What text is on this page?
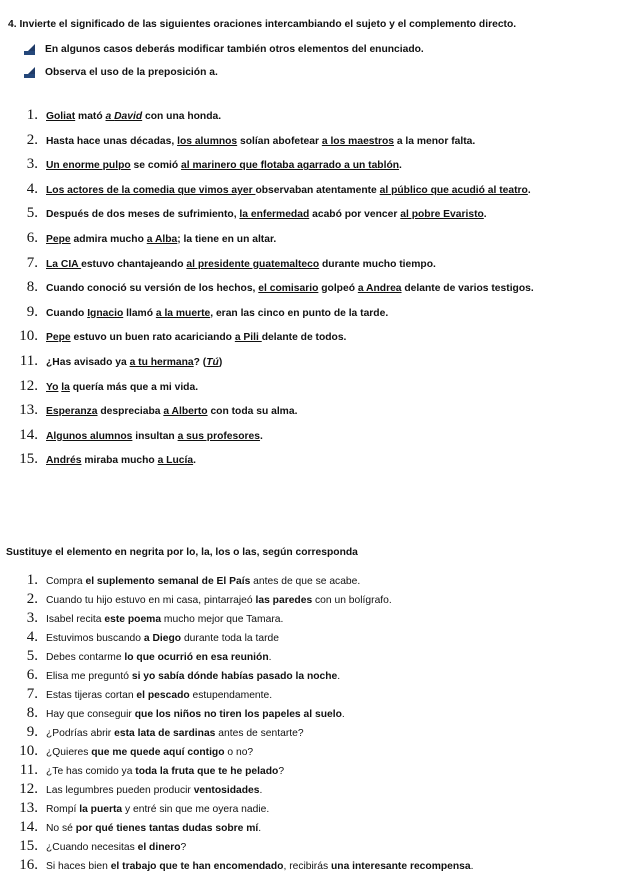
4. Invierte el significado de las siguientes oraciones intercambiando el sujeto y el complemento directo.
En algunos casos deberás modificar también otros elementos del enunciado.
Observa el uso de la preposición a.
1. Goliat mató a David con una honda.
2. Hasta hace unas décadas, los alumnos solían abofetear a los maestros a la menor falta.
3. Un enorme pulpo se comió al marinero que flotaba agarrado a un tablón.
4. Los actores de la comedia que vimos ayer observaban atentamente al público que acudió al teatro.
5. Después de dos meses de sufrimiento, la enfermedad acabó por vencer al pobre Evaristo.
6. Pepe admira mucho a Alba; la tiene en un altar.
7. La CIA estuvo chantajeando al presidente guatemalteco durante mucho tiempo.
8. Cuando conoció su versión de los hechos, el comisario golpeó a Andrea delante de varios testigos.
9. Cuando Ignacio llamó a la muerte, eran las cinco en punto de la tarde.
10. Pepe estuvo un buen rato acariciando a Pili delante de todos.
11. ¿Has avisado ya a tu hermana? (Tú)
12. Yo la quería más que a mi vida.
13. Esperanza despreciaba a Alberto con toda su alma.
14. Algunos alumnos insultan a sus profesores.
15. Andrés miraba mucho a Lucía.
Sustituye el elemento en negrita por lo, la, los o las, según corresponda
1. Compra el suplemento semanal de El País antes de que se acabe.
2. Cuando tu hijo estuvo en mi casa, pintarrajeó las paredes con un bolígrafo.
3. Isabel recita este poema mucho mejor que Tamara.
4. Estuvimos buscando a Diego durante toda la tarde
5. Debes contarme lo que ocurrió en esa reunión.
6. Elisa me preguntó si yo sabía dónde habías pasado la noche.
7. Estas tijeras cortan el pescado estupendamente.
8. Hay que conseguir que los niños no tiren los papeles al suelo.
9. ¿Podrías abrir esta lata de sardinas antes de sentarte?
10. ¿Quieres que me quede aquí contigo o no?
11. ¿Te has comido ya toda la fruta que te he pelado?
12. Las legumbres pueden producir ventosidades.
13. Rompí la puerta y entré sin que me oyera nadie.
14. No sé por qué tienes tantas dudas sobre mí.
15. ¿Cuando necesitas el dinero?
16. Si haces bien el trabajo que te han encomendado, recibirás una interesante recompensa.
